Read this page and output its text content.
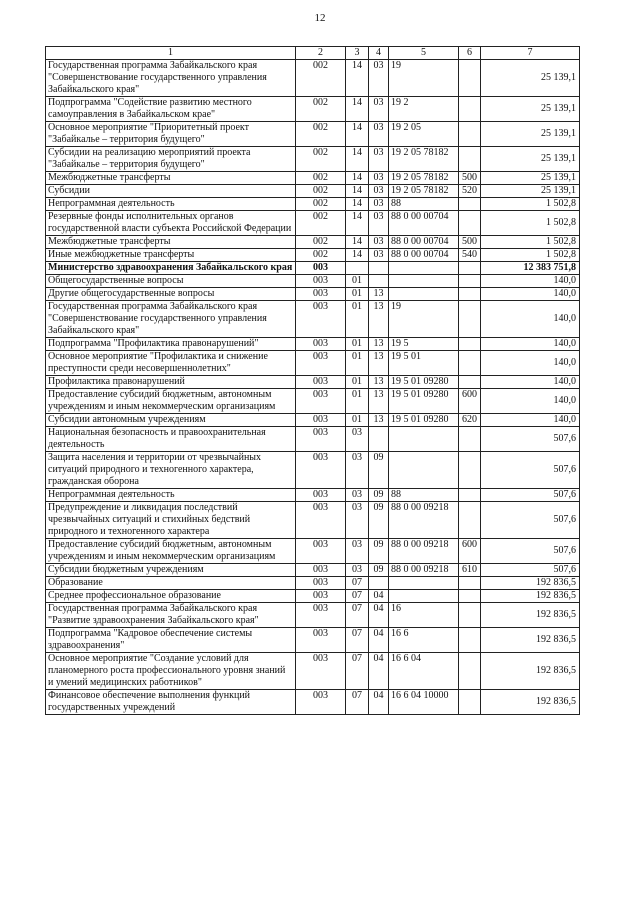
12
1	2	3	4	5	6	7
Государственная программа Забайкальского края "Совершенствование государственного управления Забайкальского края"	002	14	03	19		25 139,1
Подпрограмма "Содействие развитию местного самоуправления в Забайкальском крае"	002	14	03	19 2		25 139,1
Основное мероприятие "Приоритетный проект "Забайкалье – территория будущего"	002	14	03	19 2 05		25 139,1
Субсидии на реализацию мероприятий проекта "Забайкалье – территория будущего"	002	14	03	19 2 05 78182		25 139,1
Межбюджетные трансферты	002	14	03	19 2 05 78182	500	25 139,1
Субсидии	002	14	03	19 2 05 78182	520	25 139,1
Непрограммная деятельность	002	14	03	88		1 502,8
Резервные фонды исполнительных органов государственной власти субъекта Российской Федерации	002	14	03	88 0 00 00704		1 502,8
Межбюджетные трансферты	002	14	03	88 0 00 00704	500	1 502,8
Иные межбюджетные трансферты	002	14	03	88 0 00 00704	540	1 502,8
Министерство здравоохранения Забайкальского края	003					12 383 751,8
Общегосударственные вопросы	003	01				140,0
Другие общегосударственные вопросы	003	01	13			140,0
Государственная программа Забайкальского края "Совершенствование государственного управления Забайкальского края"	003	01	13	19		140,0
Подпрограмма "Профилактика правонарушений"	003	01	13	19 5		140,0
Основное мероприятие "Профилактика и снижение преступности среди несовершеннолетних"	003	01	13	19 5 01		140,0
Профилактика правонарушений	003	01	13	19 5 01 09280		140,0
Предоставление субсидий бюджетным, автономным учреждениям и иным некоммерческим организациям	003	01	13	19 5 01 09280	600	140,0
Субсидии автономным учреждениям	003	01	13	19 5 01 09280	620	140,0
Национальная безопасность и правоохранительная деятельность	003	03				507,6
Защита населения и территории от чрезвычайных ситуаций природного и техногенного характера, гражданская оборона	003	03	09			507,6
Непрограммная деятельность	003	03	09	88		507,6
Предупреждение и ликвидация последствий чрезвычайных ситуаций и стихийных бедствий природного и техногенного характера	003	03	09	88 0 00 09218		507,6
Предоставление субсидий бюджетным, автономным учреждениям и иным некоммерческим организациям	003	03	09	88 0 00 09218	600	507,6
Субсидии бюджетным учреждениям	003	03	09	88 0 00 09218	610	507,6
Образование	003	07				192 836,5
Среднее профессиональное образование	003	07	04			192 836,5
Государственная программа Забайкальского края "Развитие здравоохранения Забайкальского края"	003	07	04	16		192 836,5
Подпрограмма "Кадровое обеспечение системы здравоохранения"	003	07	04	16 6		192 836,5
Основное мероприятие "Создание условий для планомерного роста профессионального уровня знаний и умений медицинских работников"	003	07	04	16 6 04		192 836,5
Финансовое обеспечение выполнения функций государственных учреждений	003	07	04	16 6 04 10000		192 836,5
